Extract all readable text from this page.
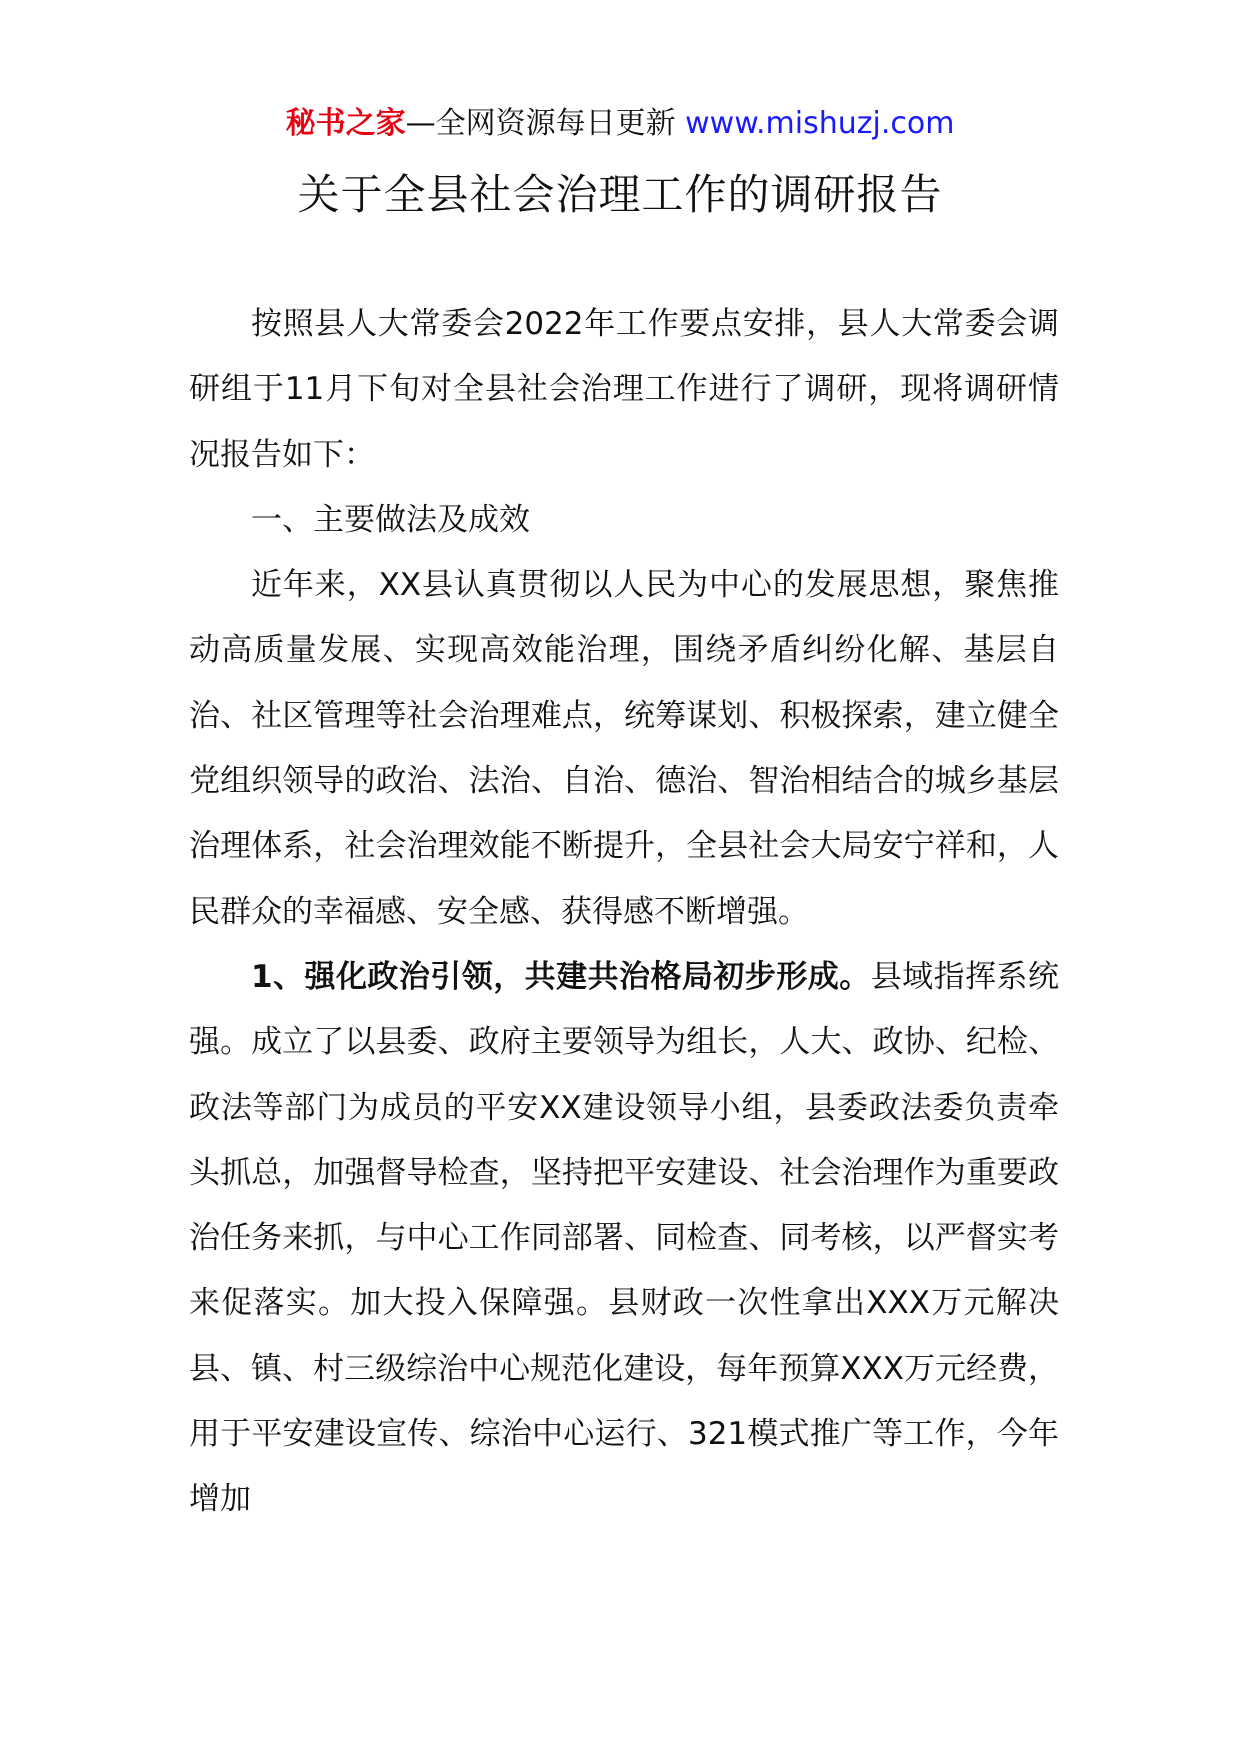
秘书之家—全网资源每日更新 www.mishuzj.com
关于全县社会治理工作的调研报告

按照县人大常委会2022年工作要点安排，县人大常委会调研组于11月下旬对全县社会治理工作进行了调研，现将调研情况报告如下：

一、主要做法及成效

近年来，XX县认真贯彻以人民为中心的发展思想，聚焦推动高质量发展、实现高效能治理，围绕矛盾纠纷化解、基层自治、社区管理等社会治理难点，统筹谋划、积极探索，建立健全党组织领导的政治、法治、自治、德治、智治相结合的城乡基层治理体系，社会治理效能不断提升，全县社会大局安宁祥和，人民群众的幸福感、安全感、获得感不断增强。

1、强化政治引领，共建共治格局初步形成。县域指挥系统强。成立了以县委、政府主要领导为组长，人大、政协、纪检、政法等部门为成员的平安XX建设领导小组，县委政法委负责牵头抓总，加强督导检查，坚持把平安建设、社会治理作为重要政治任务来抓，与中心工作同部署、同检查、同考核，以严督实考来促落实。加大投入保障强。县财政一次性拿出XXX万元解决县、镇、村三级综治中心规范化建设，每年预算XXX万元经费，用于平安建设宣传、综治中心运行、321模式推广等工作，今年增加
